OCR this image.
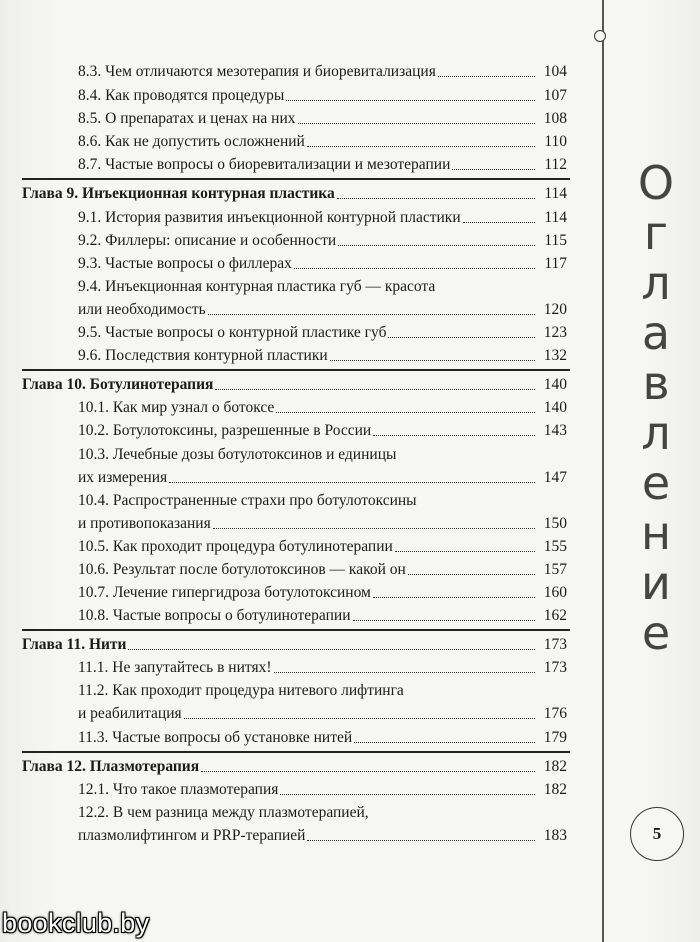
8.3. Чем отличаются мезотерапия и биоревитализация	104
8.4. Как проводятся процедуры	107
8.5. О препаратах и ценах на них	108
8.6. Как не допустить осложнений	110
8.7. Частые вопросы о биоревитализации и мезотерапии	112
Глава 9. Инъекционная контурная пластика	114
9.1. История развития инъекционной контурной пластики	114
9.2. Филлеры: описание и особенности	115
9.3. Частые вопросы о филлерах	117
9.4. Инъекционная контурная пластика губ — красота
или необходимость	120
9.5. Частые вопросы о контурной пластике губ	123
9.6. Последствия контурной пластики	132
Глава 10. Ботулинотерапия	140
10.1. Как мир узнал о ботоксе	140
10.2. Ботулотоксины, разрешенные в России	143
10.3. Лечебные дозы ботулотоксинов и единицы
их измерения	147
10.4. Распространенные страхи про ботулотоксины
и противопоказания	150
10.5. Как проходит процедура ботулинотерапии	155
10.6. Результат после ботулотоксинов — какой он	157
10.7. Лечение гипергидроза ботулотоксином	160
10.8. Частые вопросы о ботулинотерапии	162
Глава 11. Нити	173
11.1. Не запутайтесь в нитях!	173
11.2. Как проходит процедура нитевого лифтинга
и реабилитация	176
11.3. Частые вопросы об установке нитей	179
Глава 12. Плазмотерапия	182
12.1. Что такое плазмотерапия	182
12.2. В чем разница между плазмотерапией,
плазмолифтингом и PRP-терапией	183
О
г
л
а
в
л
е
н
и
е
5
bookclub.by
